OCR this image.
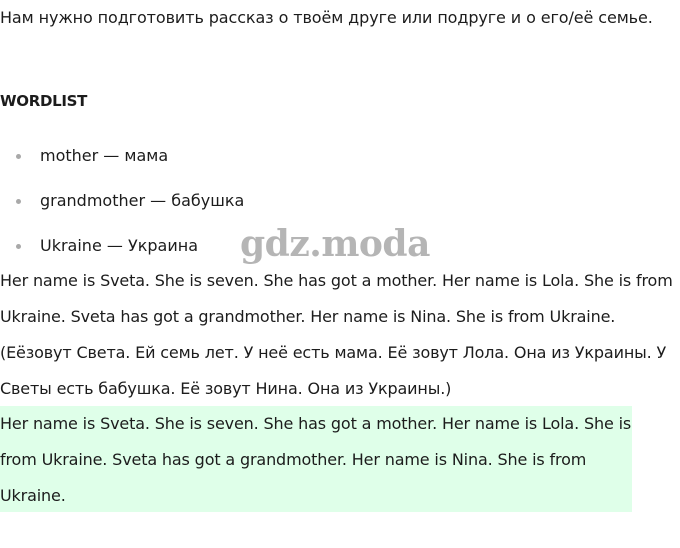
Нам нужно подготовить рассказ о твоём друге или подруге и о его/её семье.
WORDLIST
mother — мама
grandmother — бабушка
Ukraine — Украина
Her name is Sveta. She is seven. She has got a mother. Her name is Lola. She is from Ukraine. Sveta has got a grandmother. Her name is Nina. She is from Ukraine.
(Еёзовут Света. Ей семь лет. У неё есть мама. Её зовут Лола. Она из Украины. У Светы есть бабушка. Её зовут Нина. Она из Украины.)
Her name is Sveta. She is seven. She has got a mother. Her name is Lola. She is from Ukraine. Sveta has got a grandmother. Her name is Nina. She is from Ukraine.
gdz.moda
